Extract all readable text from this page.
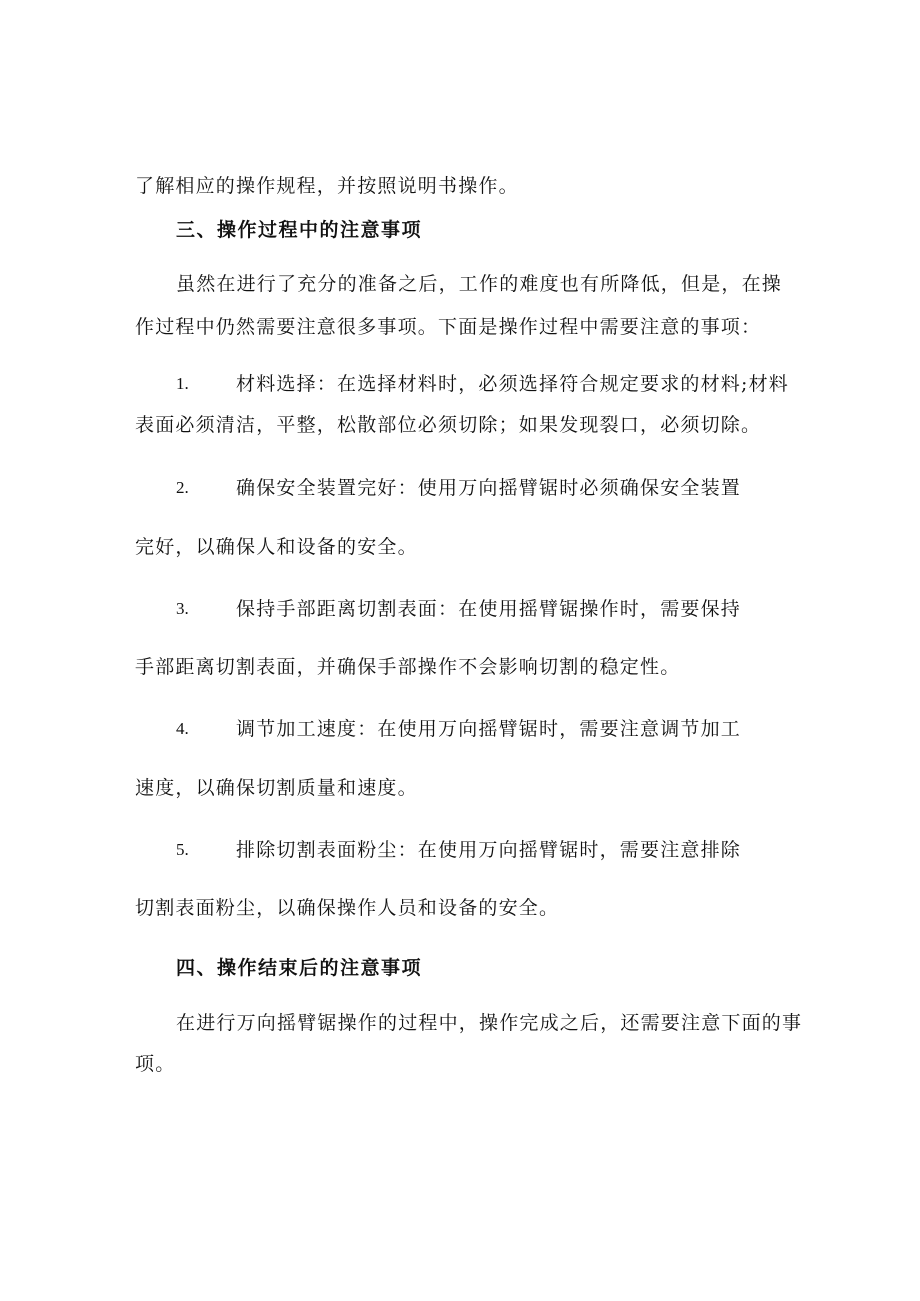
了解相应的操作规程，并按照说明书操作。
三、操作过程中的注意事项
虽然在进行了充分的准备之后，工作的难度也有所降低，但是，在操
作过程中仍然需要注意很多事项。下面是操作过程中需要注意的事项：
1. 材料选择：在选择材料时，必须选择符合规定要求的材料;材料
表面必须清洁，平整，松散部位必须切除；如果发现裂口，必须切除。
2. 确保安全装置完好：使用万向摇臂锯时必须确保安全装置
完好，以确保人和设备的安全。
3. 保持手部距离切割表面：在使用摇臂锯操作时，需要保持
手部距离切割表面，并确保手部操作不会影响切割的稳定性。
4. 调节加工速度：在使用万向摇臂锯时，需要注意调节加工
速度，以确保切割质量和速度。
5. 排除切割表面粉尘：在使用万向摇臂锯时，需要注意排除
切割表面粉尘，以确保操作人员和设备的安全。
四、操作结束后的注意事项
在进行万向摇臂锯操作的过程中，操作完成之后，还需要注意下面的事
项。
